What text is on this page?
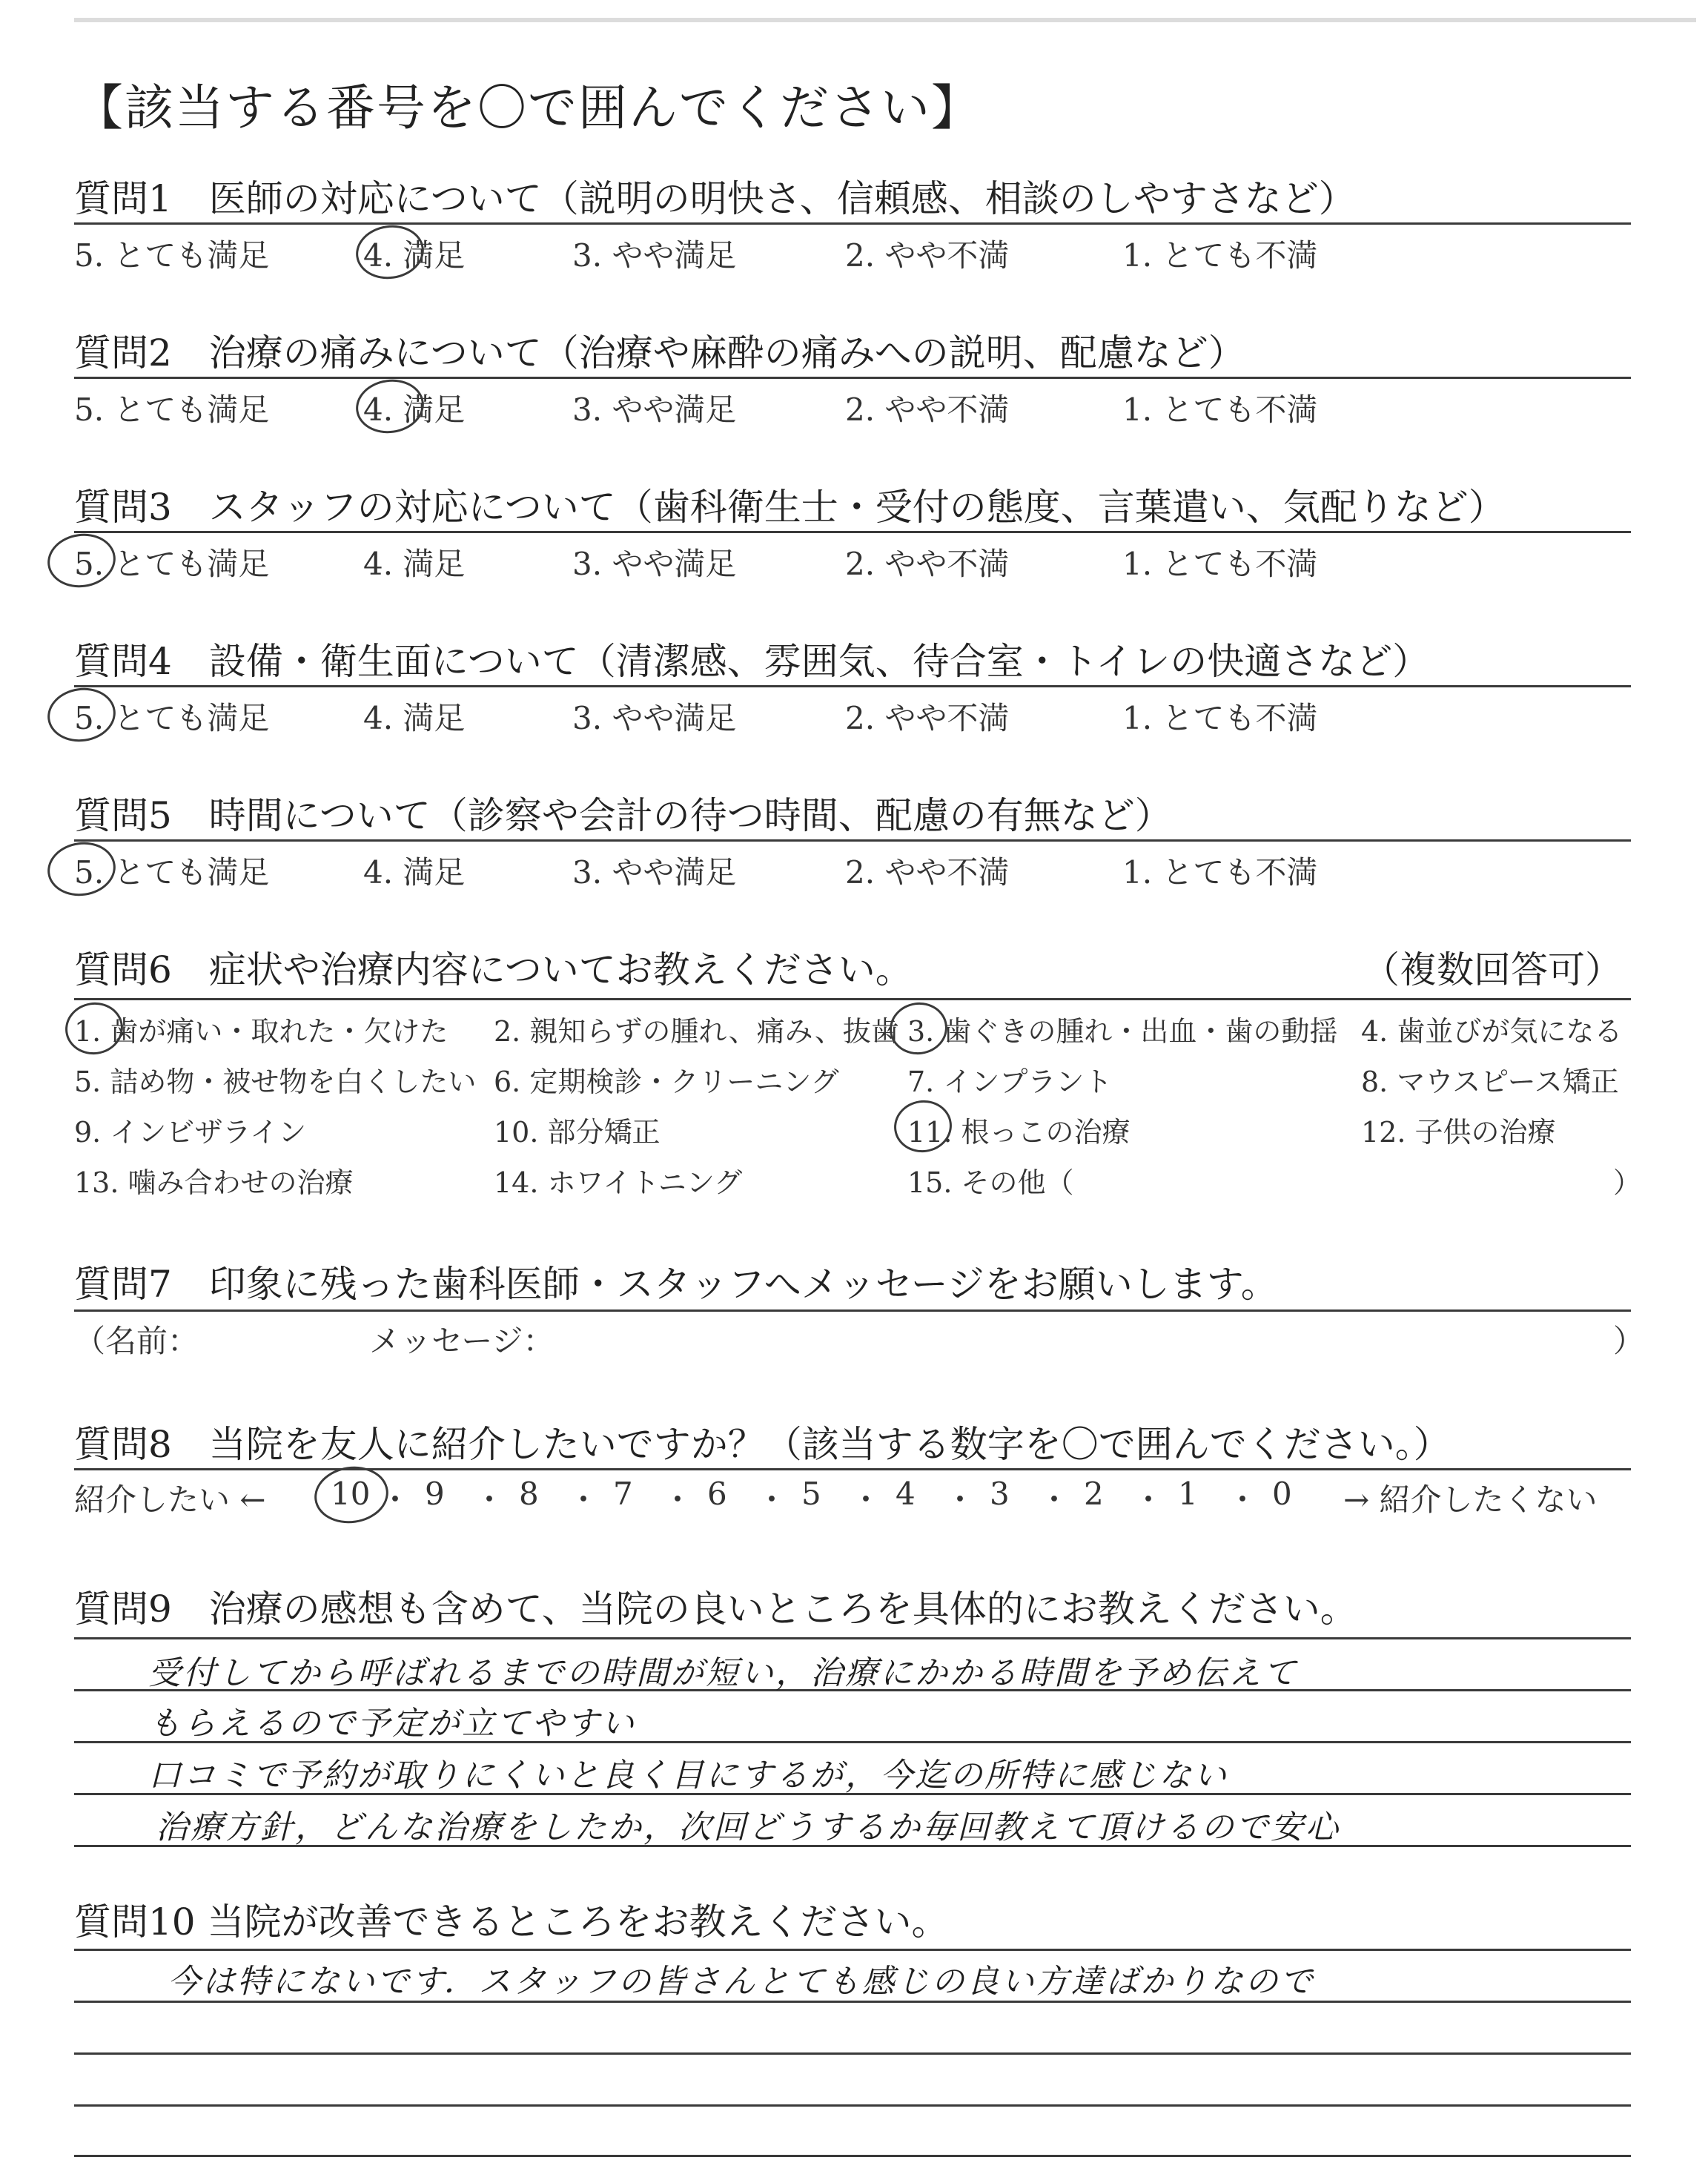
【該当する番号を〇で囲んでください】
質問1　医師の対応について（説明の明快さ、信頼感、相談のしやすさなど）
5. とても満足	4. 満足	3. やや満足	2. やや不満	1. とても不満
質問2　治療の痛みについて（治療や麻酔の痛みへの説明、配慮など）
5. とても満足	4. 満足	3. やや満足	2. やや不満	1. とても不満
質問3　スタッフの対応について（歯科衛生士・受付の態度、言葉遣い、気配りなど）
5. とても満足	4. 満足	3. やや満足	2. やや不満	1. とても不満
質問4　設備・衛生面について（清潔感、雰囲気、待合室・トイレの快適さなど）
5. とても満足	4. 満足	3. やや満足	2. やや不満	1. とても不満
質問5　時間について（診察や会計の待つ時間、配慮の有無など）
5. とても満足	4. 満足	3. やや満足	2. やや不満	1. とても不満
質問6　症状や治療内容についてお教えください。	（複数回答可）
1. 歯が痛い・取れた・欠けた 2. 親知らずの腫れ、痛み、抜歯 3. 歯ぐきの腫れ・出血・歯の動揺 4. 歯並びが気になる
5. 詰め物・被せ物を白くしたい 6. 定期検診・クリーニング 7. インプラント	8. マウスピース矯正
9. インビザライン	10. 部分矯正	11. 根っこの治療	12. 子供の治療
13. 噛み合わせの治療	14. ホワイトニング	15. その他（	）
質問7　印象に残った歯科医師・スタッフへメッセージをお願いします。
（名前：	メッセージ：	）
質問8　当院を友人に紹介したいですか？（該当する数字を〇で囲んでください。）
紹介したい ← 10 ・ 9 ・ 8 ・ 7 ・ 6 ・ 5 ・ 4 ・ 3 ・ 2 ・ 1 ・ 0 → 紹介したくない
質問9　治療の感想も含めて、当院の良いところを具体的にお教えください。
受付してから呼ばれるまでの時間が短い，治療にかかる時間を予め伝えて
もらえるので予定が立てやすい
口コミで予約が取りにくいと良く目にするが，今迄の所特に感じない
治療方針，どんな治療をしたか，次回どうするか毎回教えて頂けるので安心
質問10 当院が改善できるところをお教えください。
今は特にないです．スタッフの皆さんとても感じの良い方達ばかりなので
